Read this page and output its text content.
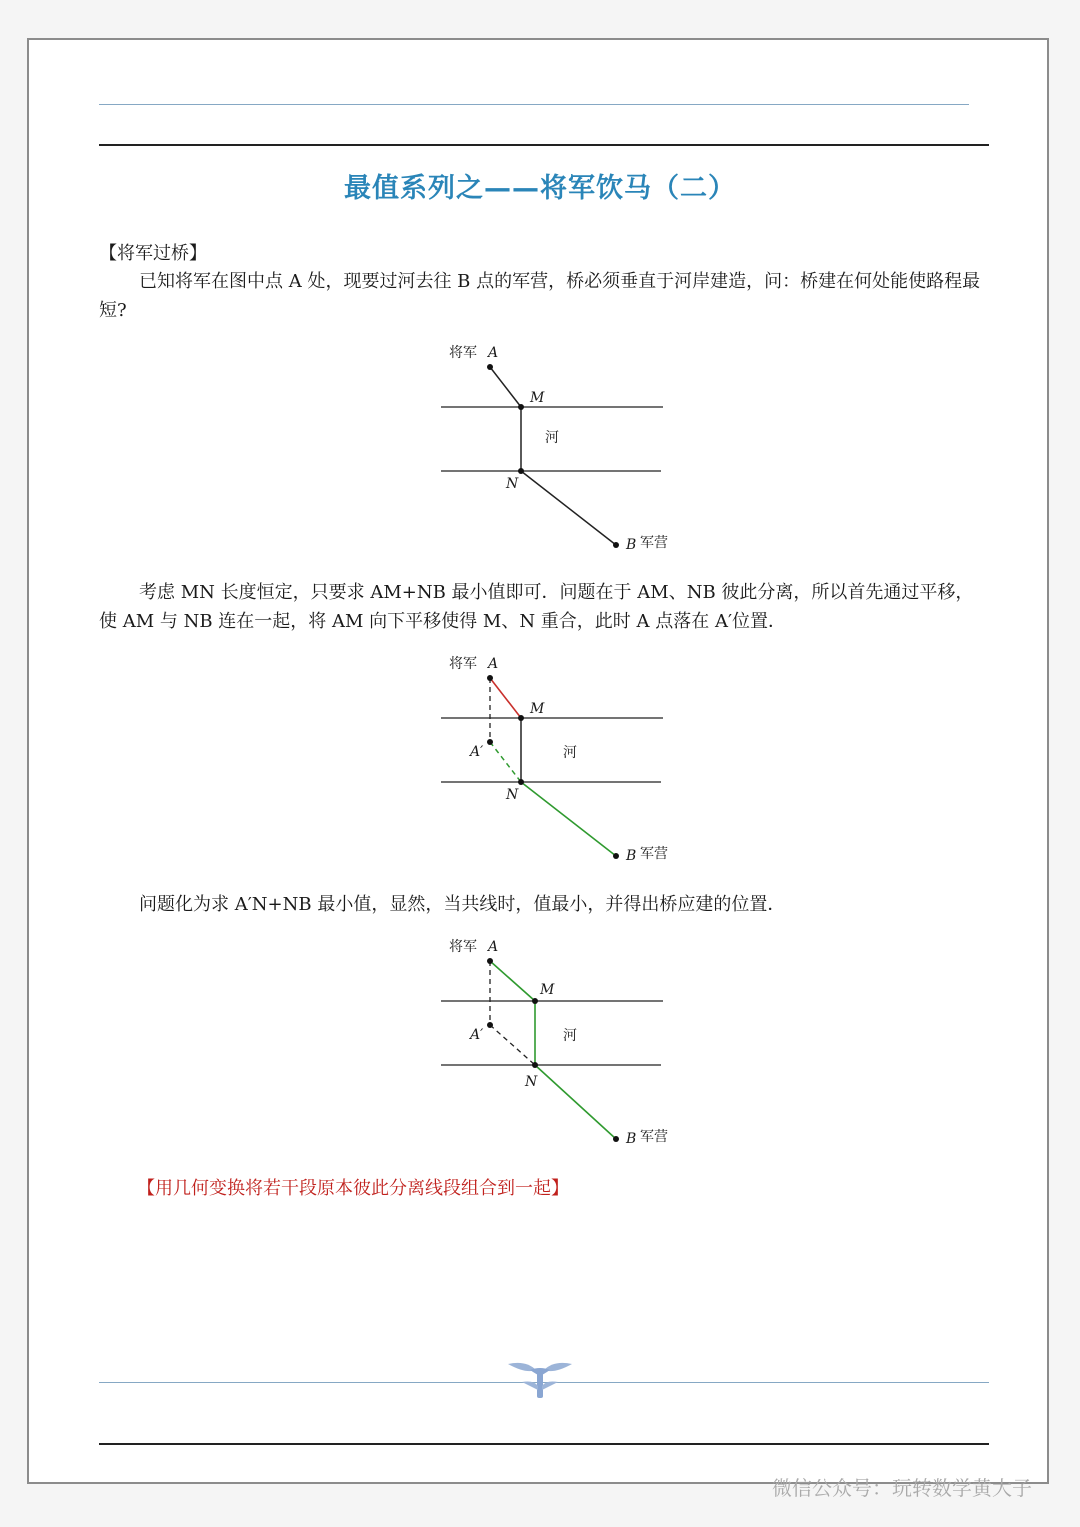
最值系列之——将军饮马（二）

【将军过桥】

已知将军在图中点 A 处，现要过河去往 B 点的军营，桥必须垂直于河岸建造，问：桥建在何处能使路程最短?

考虑 MN 长度恒定，只要求 AM+NB 最小值即可．问题在于 AM、NB 彼此分离，所以首先通过平移，使 AM 与 NB 连在一起，将 AM 向下平移使得 M、N 重合，此时 A 点落在 A′位置．

问题化为求 A′N+NB 最小值，显然，当共线时，值最小，并得出桥应建的位置．

【用几何变换将若干段原本彼此分离线段组合到一起】
将军 A
M
河
N
B 军营
将军 A
A′
M
河
N
B 军营
将军 A
A′
M
河
N
B 军营
微信公众号：玩转数学黄大子
